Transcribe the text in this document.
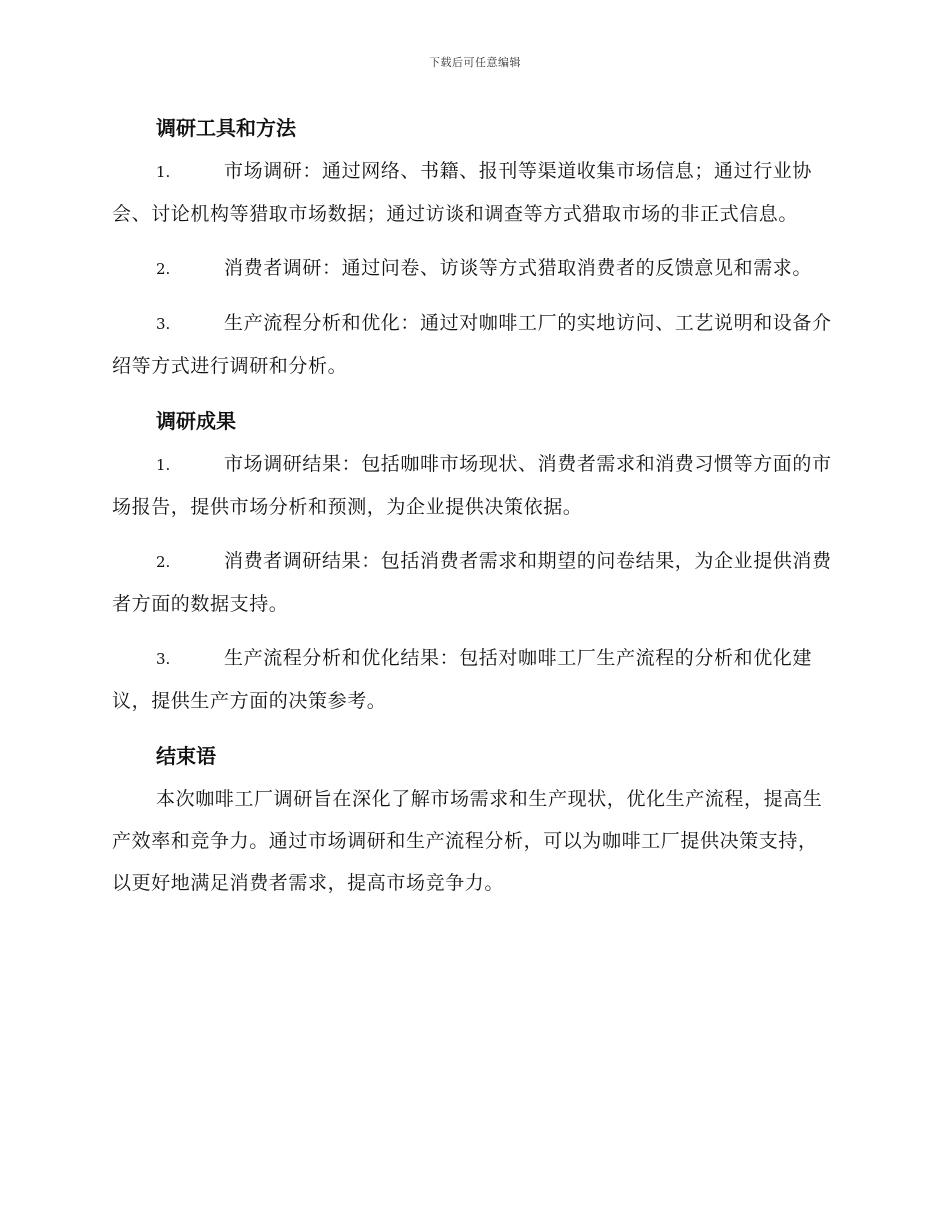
下载后可任意编辑
调研工具和方法
1.	市场调研：通过网络、书籍、报刊等渠道收集市场信息；通过行业协会、讨论机构等猎取市场数据；通过访谈和调查等方式猎取市场的非正式信息。
2.	消费者调研：通过问卷、访谈等方式猎取消费者的反馈意见和需求。
3.	生产流程分析和优化：通过对咖啡工厂的实地访问、工艺说明和设备介绍等方式进行调研和分析。
调研成果
1.	市场调研结果：包括咖啡市场现状、消费者需求和消费习惯等方面的市场报告，提供市场分析和预测，为企业提供决策依据。
2.	消费者调研结果：包括消费者需求和期望的问卷结果，为企业提供消费者方面的数据支持。
3.	生产流程分析和优化结果：包括对咖啡工厂生产流程的分析和优化建议，提供生产方面的决策参考。
结束语

本次咖啡工厂调研旨在深化了解市场需求和生产现状，优化生产流程，提高生产效率和竞争力。通过市场调研和生产流程分析，可以为咖啡工厂提供决策支持，以更好地满足消费者需求，提高市场竞争力。
